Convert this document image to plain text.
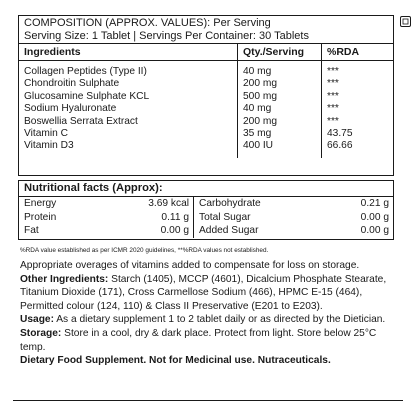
COMPOSITION (APPROX. VALUES): Per Serving
Serving Size: 1 Tablet | Servings Per Container: 30 Tablets
Ingredients	Qty./Serving	%RDA

Collagen Peptides (Type II)	40 mg	***
Chondroitin Sulphate	200 mg	***
Glucosamine Sulphate KCL	500 mg	***
Sodium Hyaluronate	40 mg	***
Boswellia Serrata Extract	200 mg	***
Vitamin C	35 mg	43.75
Vitamin D3	400 IU	66.66

Nutritional facts (Approx):
Energy	3.69 kcal	Carbohydrate	0.21 g
Protein	0.11 g	Total Sugar	0.00 g
Fat	0.00 g	Added Sugar	0.00 g
%RDA value established as per ICMR 2020 guidelines, **%RDA values not established.

Appropriate overages of vitamins added to compensate for loss on storage.

Other Ingredients: Starch (1405), MCCP (4601), Dicalcium Phosphate Stearate, Titanium Dioxide (171), Cross Carmellose Sodium (466), HPMC E-15 (464), Permitted colour (124, 110) & Class II Preservative (E201 to E203).

Usage: As a dietary supplement 1 to 2 tablet daily or as directed by the Dietician.

Storage: Store in a cool, dry & dark place. Protect from light. Store below 25°C temp.

Dietary Food Supplement. Not for Medicinal use. Nutraceuticals.
